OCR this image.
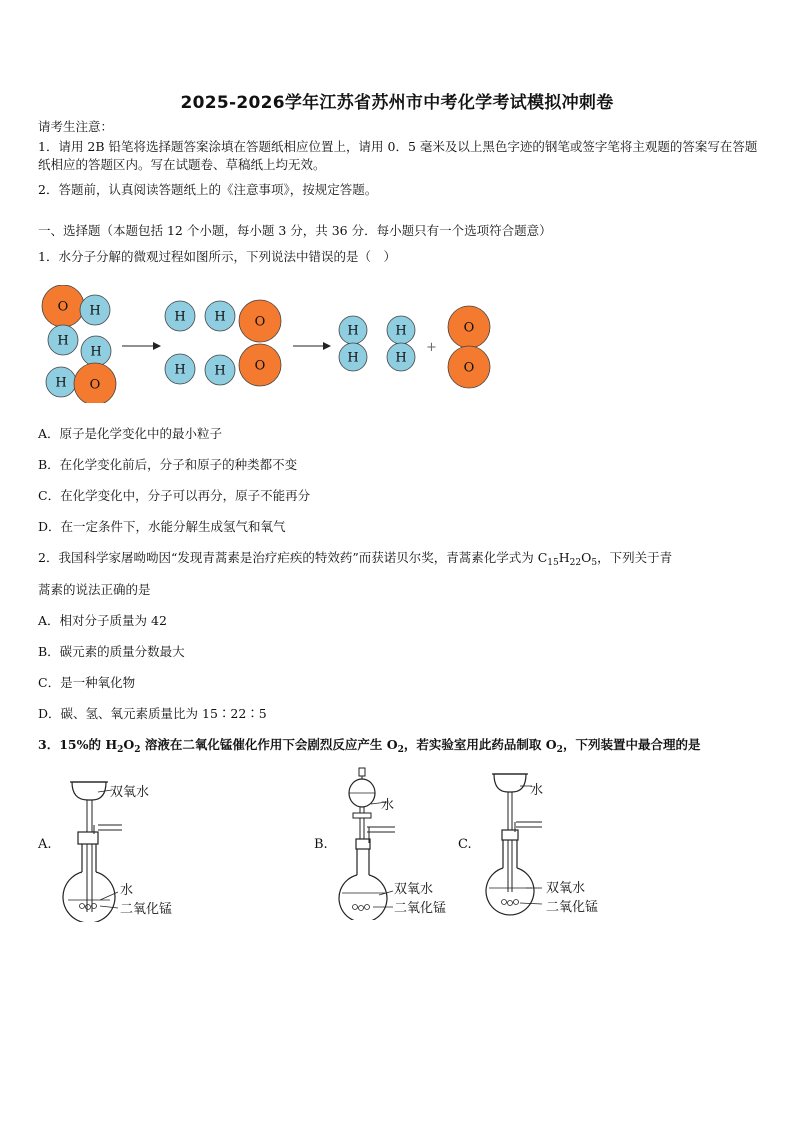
2025-2026学年江苏省苏州市中考化学考试模拟冲刺卷
请考生注意：
1．请用 2B 铅笔将选择题答案涂填在答题纸相应位置上，请用 0．5 毫米及以上黑色字迹的钢笔或签字笔将主观题的答案写在答题纸相应的答题区内。写在试题卷、草稿纸上均无效。
2．答题前，认真阅读答题纸上的《注意事项》，按规定答题。
一、选择题（本题包括 12 个小题，每小题 3 分，共 36 分．每小题只有一个选项符合题意）
1．水分子分解的微观过程如图所示，下列说法中错误的是（　）
O H
H
H
H O
H H O
H H O
H
H
H
H
O
O
+
A．原子是化学变化中的最小粒子
B．在化学变化前后，分子和原子的种类都不变
C．在化学变化中，分子可以再分，原子不能再分
D．在一定条件下，水能分解生成氢气和氧气
2．我国科学家屠呦呦因“发现青蒿素是治疗疟疾的特效药”而获诺贝尔奖，青蒿素化学式为 $C_{15}H_{22}O_5$，下列关于青
蒿素的说法正确的是
A．相对分子质量为 42
B．碳元素的质量分数最大
C．是一种氧化物
D．碳、氢、氧元素质量比为 15∶22∶5
3．15%的 $H_2O_2$ 溶液在二氧化锰催化作用下会剧烈反应产生 $O_2$，若实验室用此药品制取 $O_2$，下列装置中最合理的是
A.	B.	C.
双氧水
水
二氧化锰
水
双氧水
二氧化锰
水
双氧水
二氧化锰
